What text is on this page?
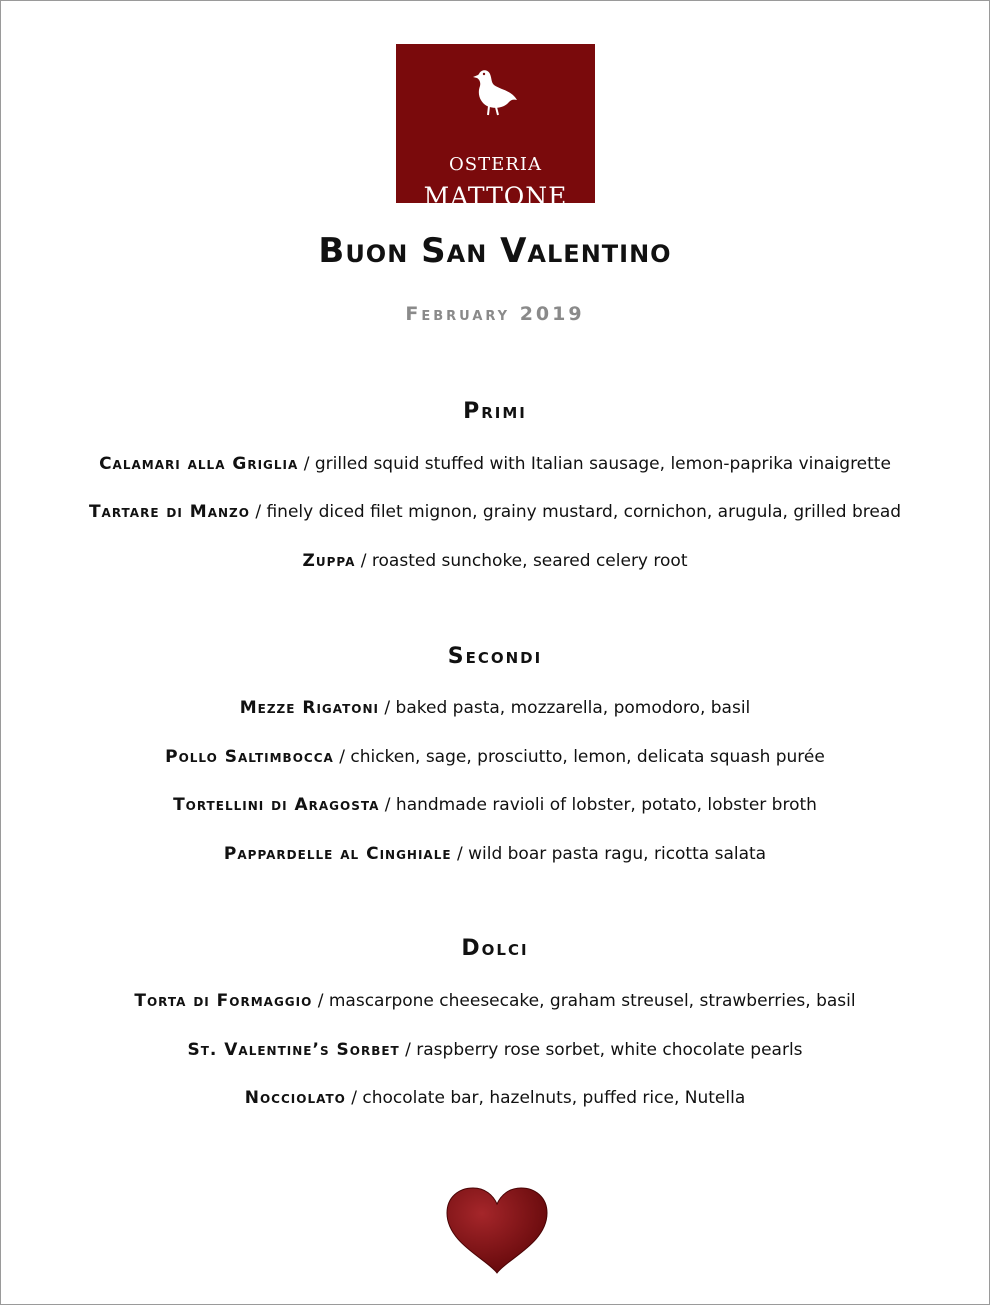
OSTERIA
MATTONE
Buon San Valentino
February 2019
Primi
Calamari alla Griglia / grilled squid stuffed with Italian sausage, lemon-paprika vinaigrette
Tartare di Manzo / finely diced filet mignon, grainy mustard, cornichon, arugula, grilled bread
Zuppa / roasted sunchoke, seared celery root
Secondi
Mezze Rigatoni / baked pasta, mozzarella, pomodoro, basil
Pollo Saltimbocca / chicken, sage, prosciutto, lemon, delicata squash purée
Tortellini di Aragosta / handmade ravioli of lobster, potato, lobster broth
Pappardelle al Cinghiale / wild boar pasta ragu, ricotta salata
Dolci
Torta di Formaggio / mascarpone cheesecake, graham streusel, strawberries, basil
St. Valentine’s Sorbet / raspberry rose sorbet, white chocolate pearls
Nocciolato / chocolate bar, hazelnuts, puffed rice, Nutella
